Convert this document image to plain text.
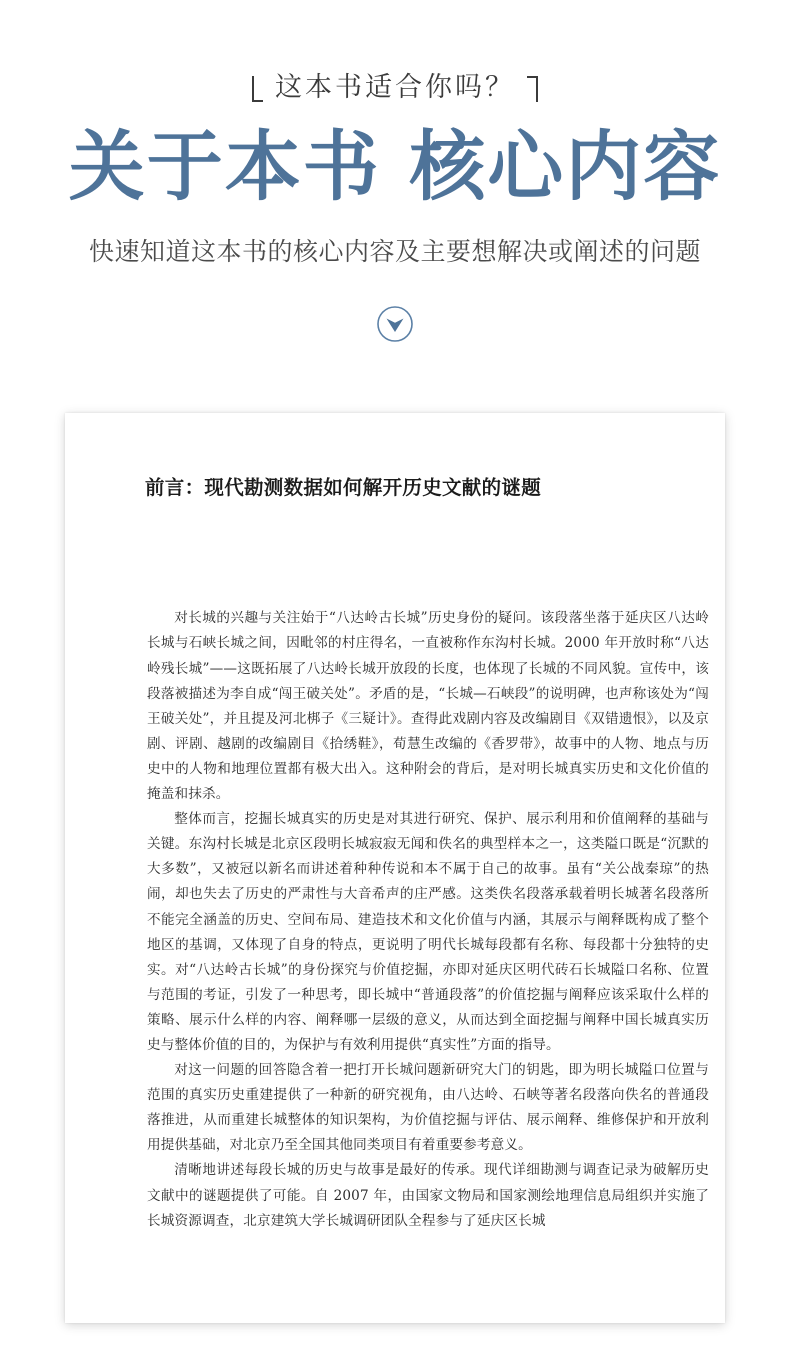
这本书适合你吗？
关于本书 核心内容
快速知道这本书的核心内容及主要想解决或阐述的问题
前言：现代勘测数据如何解开历史文献的谜题

对长城的兴趣与关注始于“八达岭古长城”历史身份的疑问。该段落坐落于延庆区八达岭长城与石峡长城之间，因毗邻的村庄得名，一直被称作东沟村长城。2000 年开放时称“八达岭残长城”——这既拓展了八达岭长城开放段的长度，也体现了长城的不同风貌。宣传中，该段落被描述为李自成“闯王破关处”。矛盾的是，“长城—石峡段”的说明碑，也声称该处为“闯王破关处”，并且提及河北梆子《三疑计》。查得此戏剧内容及改编剧目《双错遗恨》，以及京剧、评剧、越剧的改编剧目《拾绣鞋》，荀慧生改编的《香罗带》，故事中的人物、地点与历史中的人物和地理位置都有极大出入。这种附会的背后，是对明长城真实历史和文化价值的掩盖和抹杀。

整体而言，挖掘长城真实的历史是对其进行研究、保护、展示利用和价值阐释的基础与关键。东沟村长城是北京区段明长城寂寂无闻和佚名的典型样本之一，这类隘口既是“沉默的大多数”，又被冠以新名而讲述着种种传说和本不属于自己的故事。虽有“关公战秦琼”的热闹，却也失去了历史的严肃性与大音希声的庄严感。这类佚名段落承载着明长城著名段落所不能完全涵盖的历史、空间布局、建造技术和文化价值与内涵，其展示与阐释既构成了整个地区的基调，又体现了自身的特点，更说明了明代长城每段都有名称、每段都十分独特的史实。对“八达岭古长城”的身份探究与价值挖掘，亦即对延庆区明代砖石长城隘口名称、位置与范围的考证，引发了一种思考，即长城中“普通段落”的价值挖掘与阐释应该采取什么样的策略、展示什么样的内容、阐释哪一层级的意义，从而达到全面挖掘与阐释中国长城真实历史与整体价值的目的，为保护与有效利用提供“真实性”方面的指导。

对这一问题的回答隐含着一把打开长城问题新研究大门的钥匙，即为明长城隘口位置与范围的真实历史重建提供了一种新的研究视角，由八达岭、石峡等著名段落向佚名的普通段落推进，从而重建长城整体的知识架构，为价值挖掘与评估、展示阐释、维修保护和开放利用提供基础，对北京乃至全国其他同类项目有着重要参考意义。

清晰地讲述每段长城的历史与故事是最好的传承。现代详细勘测与调查记录为破解历史文献中的谜题提供了可能。自 2007 年，由国家文物局和国家测绘地理信息局组织并实施了长城资源调查，北京建筑大学长城调研团队全程参与了延庆区长城
